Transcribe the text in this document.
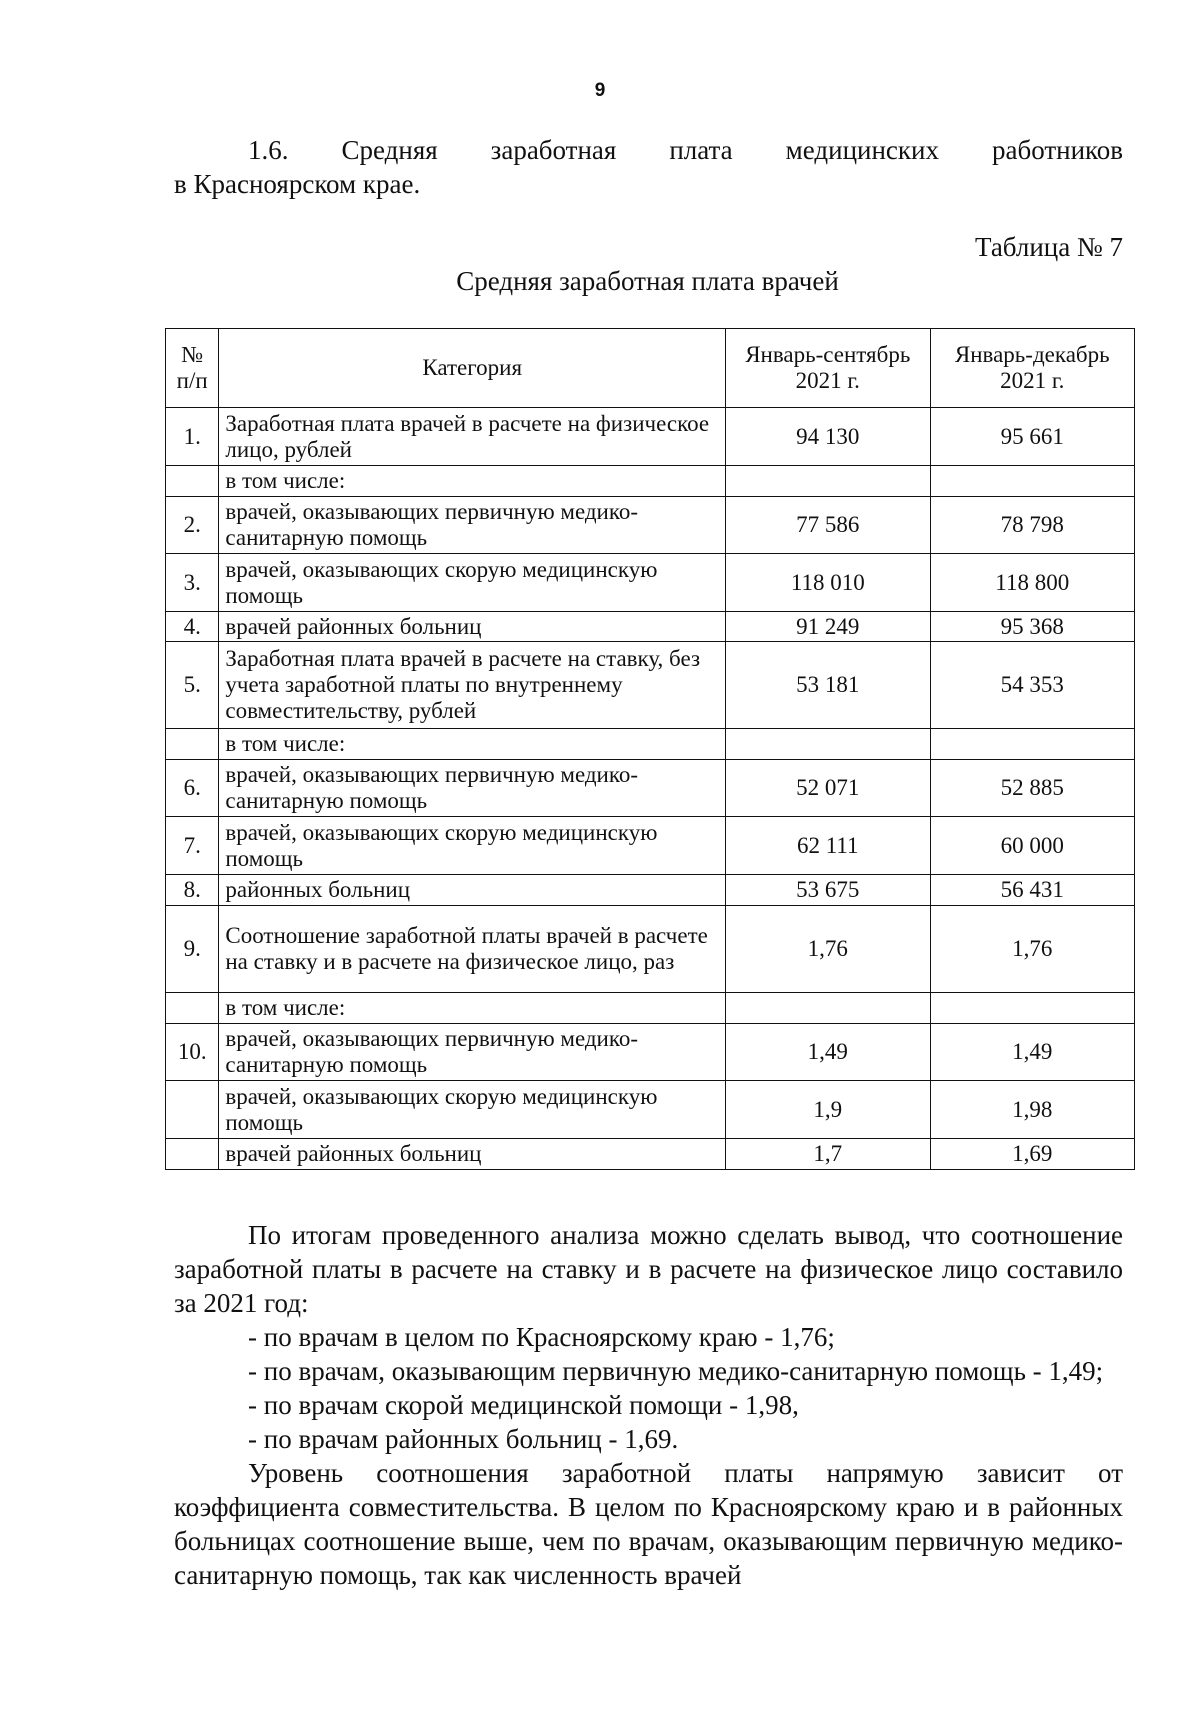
9
1.6. Средняя заработная плата медицинских работников
в Красноярском крае.
Таблица № 7
Средняя заработная плата врачей
№ п/п	Категория	Январь-сентябрь 2021 г.	Январь-декабрь 2021 г.
1.	Заработная плата врачей в расчете на физическое лицо, рублей	94 130	95 661
	в том числе:		
2.	врачей, оказывающих первичную медико-санитарную помощь	77 586	78 798
3.	врачей, оказывающих скорую медицинскую помощь	118 010	118 800
4.	врачей районных больниц	91 249	95 368
5.	Заработная плата врачей в расчете на ставку, без учета заработной платы по внутреннему совместительству, рублей	53 181	54 353
	в том числе:		
6.	врачей, оказывающих первичную медико-санитарную помощь	52 071	52 885
7.	врачей, оказывающих скорую медицинскую помощь	62 111	60 000
8.	районных больниц	53 675	56 431
9.	Соотношение заработной платы врачей в расчете на ставку и в расчете на физическое лицо, раз	1,76	1,76
	в том числе:		
10.	врачей, оказывающих первичную медико-санитарную помощь	1,49	1,49
	врачей, оказывающих скорую медицинскую помощь	1,9	1,98
	врачей районных больниц	1,7	1,69

По итогам проведенного анализа можно сделать вывод, что соотношение заработной платы в расчете на ставку и в расчете на физическое лицо составило за 2021 год:

- по врачам в целом по Красноярскому краю - 1,76;

- по врачам, оказывающим первичную медико-санитарную помощь - 1,49;

- по врачам скорой медицинской помощи - 1,98,

- по врачам районных больниц - 1,69.

Уровень соотношения заработной платы напрямую зависит от коэффициента совместительства. В целом по Красноярскому краю и в районных больницах соотношение выше, чем по врачам, оказывающим первичную медико-санитарную помощь, так как численность врачей
